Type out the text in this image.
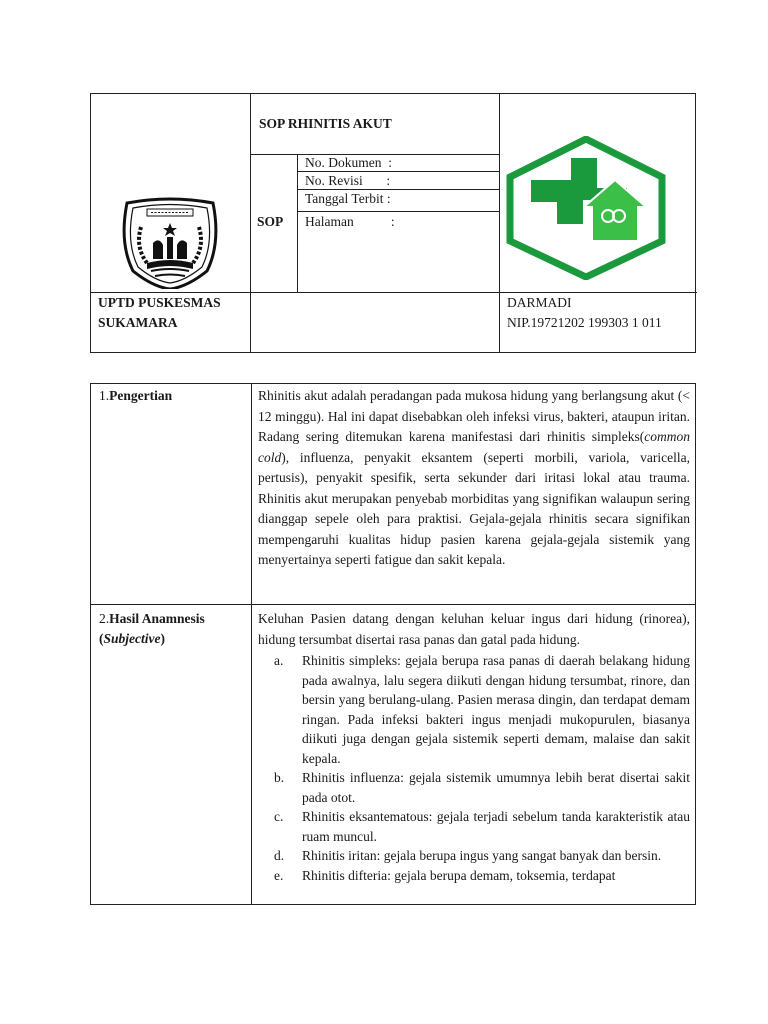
SOP RHINITIS AKUT
SOP
No. Dokumen  :
No. Revisi       :
Tanggal Terbit :
Halaman           :
UPTD PUSKESMAS
SUKAMARA
DARMADI
NIP.19721202 199303 1 011
1.Pengertian
2.Hasil Anamnesis
(Subjective)
Rhinitis akut adalah peradangan pada mukosa hidung yang berlangsung akut (< 12 minggu). Hal ini dapat disebabkan oleh infeksi virus, bakteri, ataupun iritan. Radang sering ditemukan karena manifestasi dari rhinitis simpleks(common cold), influenza, penyakit eksantem (seperti morbili, variola, varicella, pertusis), penyakit spesifik, serta sekunder dari iritasi lokal atau trauma. Rhinitis akut merupakan penyebab morbiditas yang signifikan walaupun sering dianggap sepele oleh para praktisi. Gejala-gejala rhinitis secara signifikan mempengaruhi kualitas hidup pasien karena gejala-gejala sistemik yang menyertainya seperti fatigue dan sakit kepala.
Keluhan Pasien datang dengan keluhan keluar ingus dari hidung (rinorea), hidung tersumbat disertai rasa panas dan gatal pada hidung.
a. Rhinitis simpleks: gejala berupa rasa panas di daerah belakang hidung pada awalnya, lalu segera diikuti dengan hidung tersumbat, rinore, dan bersin yang berulang-ulang. Pasien merasa dingin, dan terdapat demam ringan. Pada infeksi bakteri ingus menjadi mukopurulen, biasanya diikuti juga dengan gejala sistemik seperti demam, malaise dan sakit kepala.
b. Rhinitis influenza: gejala sistemik umumnya lebih berat disertai sakit pada otot.
c. Rhinitis eksantematous: gejala terjadi sebelum tanda karakteristik atau ruam muncul.
d. Rhinitis iritan: gejala berupa ingus yang sangat banyak dan bersin.
e. Rhinitis difteria: gejala berupa demam, toksemia, terdapat
